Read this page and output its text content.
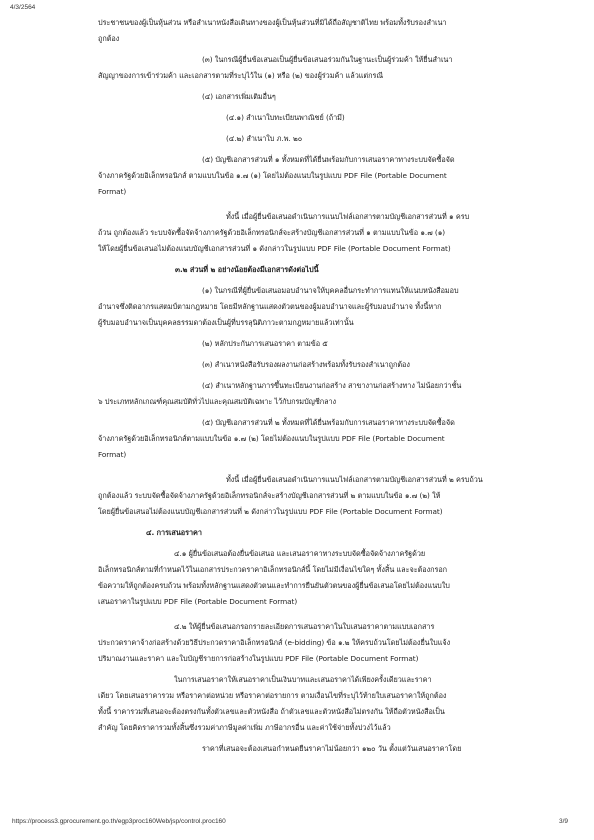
4/3/2564
ประชาชนของผู้เป็นหุ้นส่วน หรือสำเนาหนังสือเดินทางของผู้เป็นหุ้นส่วนที่มิได้ถือสัญชาติไทย พร้อมทั้งรับรองสำเนา
ถูกต้อง
(๓) ในกรณีผู้ยื่นข้อเสนอเป็นผู้ยื่นข้อเสนอร่วมกันในฐานะเป็นผู้ร่วมค้า ให้ยื่นสำเนา
สัญญาของการเข้าร่วมค้า และเอกสารตามที่ระบุไว้ใน (๑) หรือ (๒) ของผู้ร่วมค้า แล้วแต่กรณี
(๔) เอกสารเพิ่มเติมอื่นๆ
(๔.๑) สำเนาใบทะเบียนพาณิชย์ (ถ้ามี)
(๔.๒) สำเนาใบ ภ.พ. ๒๐
(๕) บัญชีเอกสารส่วนที่ ๑ ทั้งหมดที่ได้ยื่นพร้อมกับการเสนอราคาทางระบบจัดซื้อจัด
จ้างภาครัฐด้วยอิเล็กทรอนิกส์ ตามแบบในข้อ ๑.๗ (๑) โดยไม่ต้องแนบในรูปแบบ PDF File (Portable Document
Format)
ทั้งนี้ เมื่อผู้ยื่นข้อเสนอดำเนินการแนบไฟล์เอกสารตามบัญชีเอกสารส่วนที่ ๑ ครบ
ถ้วน ถูกต้องแล้ว ระบบจัดซื้อจัดจ้างภาครัฐด้วยอิเล็กทรอนิกส์จะสร้างบัญชีเอกสารส่วนที่ ๑ ตามแบบในข้อ ๑.๗ (๑)
ให้โดยผู้ยื่นข้อเสนอไม่ต้องแนบบัญชีเอกสารส่วนที่ ๑ ดังกล่าวในรูปแบบ PDF File (Portable Document Format)
๓.๒ ส่วนที่ ๒ อย่างน้อยต้องมีเอกสารดังต่อไปนี้
(๑) ในกรณีที่ผู้ยื่นข้อเสนอมอบอำนาจให้บุคคลอื่นกระทำการแทนให้แนบหนังสือมอบ
อำนาจซึ่งติดอากรแสตมป์ตามกฎหมาย โดยมีหลักฐานแสดงตัวตนของผู้มอบอำนาจและผู้รับมอบอำนาจ ทั้งนี้หาก
ผู้รับมอบอำนาจเป็นบุคคลธรรมดาต้องเป็นผู้ที่บรรลุนิติภาวะตามกฎหมายแล้วเท่านั้น
(๒) หลักประกันการเสนอราคา ตามข้อ ๕
(๓) สำเนาหนังสือรับรองผลงานก่อสร้างพร้อมทั้งรับรองสำเนาถูกต้อง
(๔) สำเนาหลักฐานการขึ้นทะเบียนงานก่อสร้าง สาขางานก่อสร้างทาง ไม่น้อยกว่าชั้น
๖ ประเภทหลักเกณฑ์คุณสมบัติทั่วไปและคุณสมบัติเฉพาะ ไว้กับกรมบัญชีกลาง
(๕) บัญชีเอกสารส่วนที่ ๒ ทั้งหมดที่ได้ยื่นพร้อมกับการเสนอราคาทางระบบจัดซื้อจัด
จ้างภาครัฐด้วยอิเล็กทรอนิกส์ตามแบบในข้อ ๑.๗ (๒) โดยไม่ต้องแนบในรูปแบบ PDF File (Portable Document
Format)
ทั้งนี้ เมื่อผู้ยื่นข้อเสนอดำเนินการแนบไฟล์เอกสารตามบัญชีเอกสารส่วนที่ ๒ ครบถ้วน
ถูกต้องแล้ว ระบบจัดซื้อจัดจ้างภาครัฐด้วยอิเล็กทรอนิกส์จะสร้างบัญชีเอกสารส่วนที่ ๒ ตามแบบในข้อ ๑.๗ (๒) ให้
โดยผู้ยื่นข้อเสนอไม่ต้องแนบบัญชีเอกสารส่วนที่ ๒ ดังกล่าวในรูปแบบ PDF File (Portable Document Format)
๔. การเสนอราคา
๔.๑ ผู้ยื่นข้อเสนอต้องยื่นข้อเสนอ และเสนอราคาทางระบบจัดซื้อจัดจ้างภาครัฐด้วย
อิเล็กทรอนิกส์ตามที่กำหนดไว้ในเอกสารประกวดราคาอิเล็กทรอนิกส์นี้ โดยไม่มีเงื่อนไขใดๆ ทั้งสิ้น และจะต้องกรอก
ข้อความให้ถูกต้องครบถ้วน พร้อมทั้งหลักฐานแสดงตัวตนและทำการยืนยันตัวตนของผู้ยื่นข้อเสนอโดยไม่ต้องแนบใบ
เสนอราคาในรูปแบบ PDF File (Portable Document Format)
๔.๒ ให้ผู้ยื่นข้อเสนอกรอกรายละเอียดการเสนอราคาในใบเสนอราคาตามแบบเอกสาร
ประกวดราคาจ้างก่อสร้างด้วยวิธีประกวดราคาอิเล็กทรอนิกส์ (e-bidding) ข้อ ๑.๒ ให้ครบถ้วนโดยไม่ต้องยื่นใบแจ้ง
ปริมาณงานและราคา และใบบัญชีรายการก่อสร้างในรูปแบบ PDF File (Portable Document Format)
ในการเสนอราคาให้เสนอราคาเป็นเงินบาทและเสนอราคาได้เพียงครั้งเดียวและราคา
เดียว โดยเสนอราคารวม หรือราคาต่อหน่วย หรือราคาต่อรายการ ตามเงื่อนไขที่ระบุไว้ท้ายใบเสนอราคาให้ถูกต้อง
ทั้งนี้ ราคารวมที่เสนอจะต้องตรงกันทั้งตัวเลขและตัวหนังสือ ถ้าตัวเลขและตัวหนังสือไม่ตรงกัน ให้ถือตัวหนังสือเป็น
สำคัญ โดยคิดราคารวมทั้งสิ้นซึ่งรวมค่าภาษีมูลค่าเพิ่ม ภาษีอากรอื่น และค่าใช้จ่ายทั้งปวงไว้แล้ว
ราคาที่เสนอจะต้องเสนอกำหนดยืนราคาไม่น้อยกว่า ๑๒๐ วัน ตั้งแต่วันเสนอราคาโดย
https://process3.gprocurement.go.th/egp3proc160Web/jsp/control.proc160	3/9
